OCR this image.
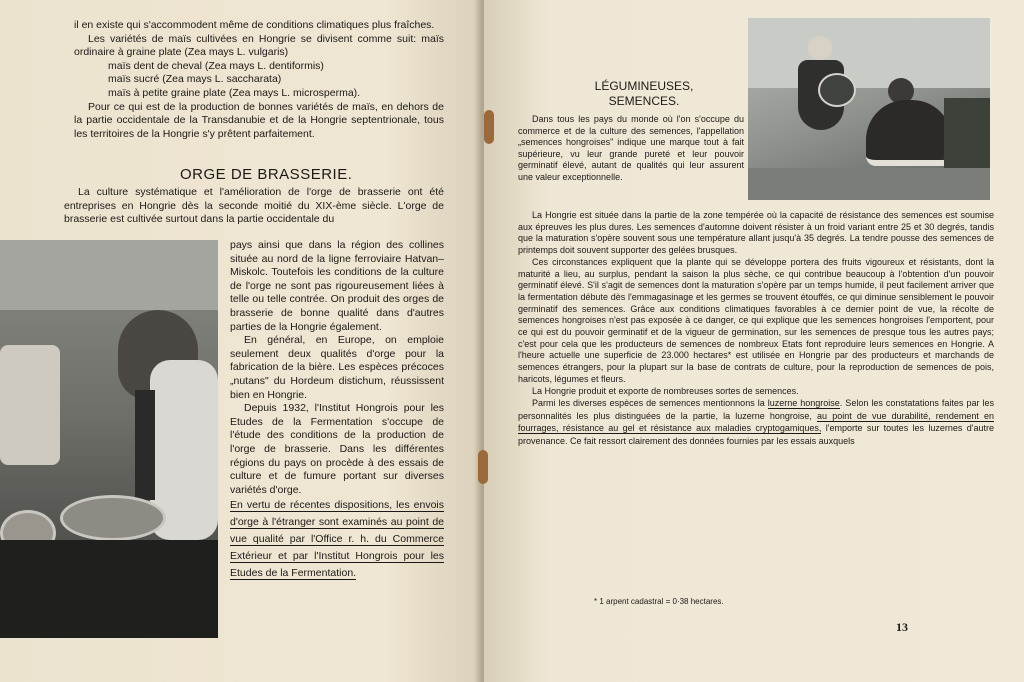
il en existe qui s'accommodent même de conditions climatiques plus fraîches.

Les variétés de maïs cultivées en Hongrie se divisent comme suit: maïs ordinaire à graine plate (Zea mays L. vulgaris)

maïs dent de cheval (Zea mays L. dentiformis)

maïs sucré (Zea mays L. saccharata)

maïs à petite graine plate (Zea mays L. microsperma).

Pour ce qui est de la production de bonnes variétés de maïs, en dehors de la partie occidentale de la Transdanubie et de la Hongrie septentrionale, tous les territoires de la Hongrie s'y prêtent parfaitement.

ORGE DE BRASSERIE.

La culture systématique et l'amélioration de l'orge de brasserie ont été entreprises en Hongrie dès la seconde moitié du XIX-ème siècle. L'orge de brasserie est cultivée surtout dans la partie occidentale du

pays ainsi que dans la région des collines située au nord de la ligne ferroviaire Hatvan–Miskolc. Toutefois les conditions de la culture de l'orge ne sont pas rigoureusement liées à telle ou telle contrée. On produit des orges de brasserie de bonne qualité dans d'autres parties de la Hongrie également.

En général, en Europe, on emploie seulement deux qualités d'orge pour la fabrication de la bière. Les espèces précoces „nutans" du Hordeum distichum, réussissent bien en Hongrie.

Depuis 1932, l'Institut Hongrois pour les Etudes de la Fermentation s'occupe de l'étude des conditions de la production de l'orge de brasserie. Dans les différentes régions du pays on procède à des essais de culture et de fumure portant sur diverses variétés d'orge.

En vertu de récentes dispositions, les envois d'orge à l'étranger sont examinés au point de vue qualité par l'Office r. h. du Commerce Extérieur et par l'Institut Hongrois pour les Etudes de la Fermentation.

LÉGUMINEUSES,
SEMENCES.

Dans tous les pays du monde où l'on s'occupe du commerce et de la culture des semences, l'appellation „semences hongroises" indique une marque tout à fait supérieure, vu leur grande pureté et leur pouvoir germinatif élevé, autant de qualités qui leur assurent une valeur exceptionnelle.

La Hongrie est située dans la partie de la zone tempérée où la capacité de résistance des semences est soumise aux épreuves les plus dures. Les semences d'automne doivent résister à un froid variant entre 25 et 30 degrés, tandis que la maturation s'opère souvent sous une température allant jusqu'à 35 degrés. La tendre pousse des semences de printemps doit souvent supporter des gelées brusques.

Ces circonstances expliquent que la plante qui se développe portera des fruits vigoureux et résistants, dont la maturité a lieu, au surplus, pendant la saison la plus sèche, ce qui contribue beaucoup à l'obtention d'un pouvoir germinatif élevé. S'il s'agit de semences dont la maturation s'opère par un temps humide, il peut facilement arriver que la fermentation débute dès l'emmagasinage et les germes se trouvent étouffés, ce qui diminue sensiblement le pouvoir germinatif des semences. Grâce aux conditions climatiques favorables à ce dernier point de vue, la récolte de semences hongroises n'est pas exposée à ce danger, ce qui explique que les semences hongroises l'emportent, pour ce qui est du pouvoir germinatif et de la vigueur de germination, sur les semences de presque tous les autres pays; c'est pour cela que les producteurs de semences de nombreux Etats font reproduire leurs semences en Hongrie. A l'heure actuelle une superficie de 23.000 hectares* est utilisée en Hongrie par des producteurs et marchands de semences étrangers, pour la plupart sur la base de contrats de culture, pour la reproduction de semences de pois, haricots, légumes et fleurs.

La Hongrie produit et exporte de nombreuses sortes de semences.

Parmi les diverses espèces de semences mentionnons la luzerne hongroise. Selon les constatations faites par les personnalités les plus distinguées de la partie, la luzerne hongroise, au point de vue durabilité, rendement en fourrages, résistance au gel et résistance aux maladies cryptogamiques, l'emporte sur toutes les luzernes d'autre provenance. Ce fait ressort clairement des données fournies par les essais auxquels

* 1 arpent cadastral = 0·38 hectares.
13
